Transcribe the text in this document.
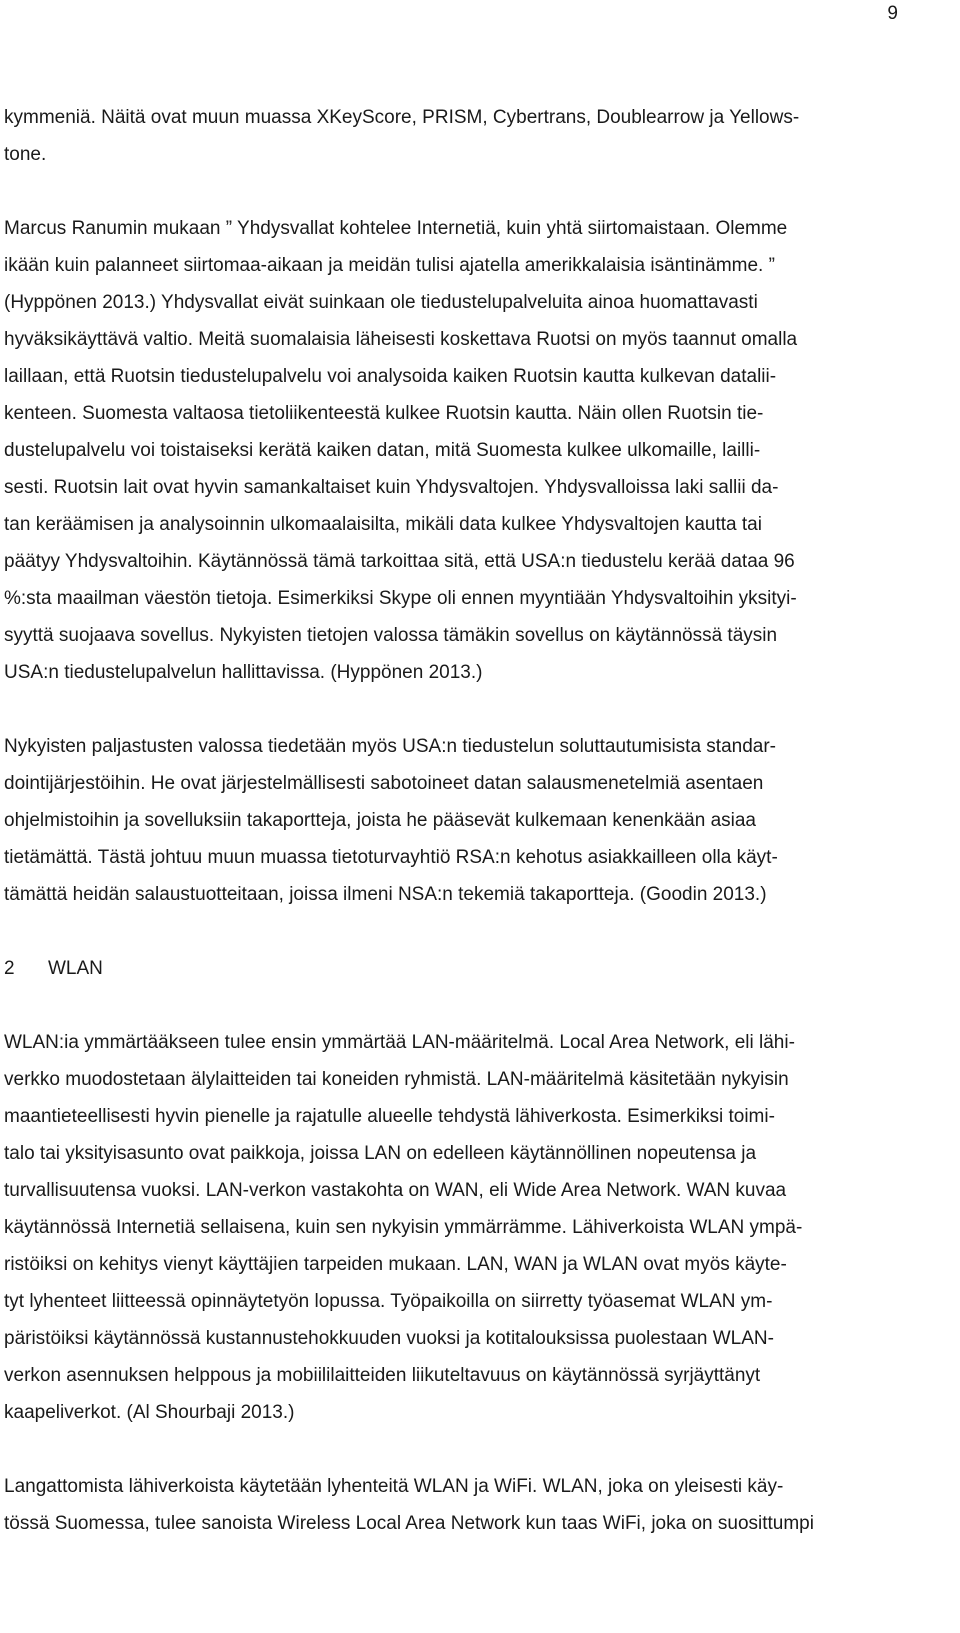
9
kymmeniä. Näitä ovat muun muassa XKeyScore, PRISM, Cybertrans, Doublearrow ja Yellows-
tone.
Marcus Ranumin mukaan ” Yhdysvallat kohtelee Internetiä, kuin yhtä siirtomaistaan. Olemme
ikään kuin palanneet siirtomaa-aikaan ja meidän tulisi ajatella amerikkalaisia isäntinämme. ”
(Hyppönen 2013.) Yhdysvallat eivät suinkaan ole tiedustelupalveluita ainoa huomattavasti
hyväksikäyttävä valtio. Meitä suomalaisia läheisesti koskettava Ruotsi on myös taannut omalla
laillaan, että Ruotsin tiedustelupalvelu voi analysoida kaiken Ruotsin kautta kulkevan datalii-
kenteen. Suomesta valtaosa tietoliikenteestä kulkee Ruotsin kautta. Näin ollen Ruotsin tie-
dustelupalvelu voi toistaiseksi kerätä kaiken datan, mitä Suomesta kulkee ulkomaille, lailli-
sesti. Ruotsin lait ovat hyvin samankaltaiset kuin Yhdysvaltojen. Yhdysvalloissa laki sallii da-
tan keräämisen ja analysoinnin ulkomaalaisilta, mikäli data kulkee Yhdysvaltojen kautta tai
päätyy Yhdysvaltoihin. Käytännössä tämä tarkoittaa sitä, että USA:n tiedustelu kerää dataa 96
%:sta maailman väestön tietoja. Esimerkiksi Skype oli ennen myyntiään Yhdysvaltoihin yksityi-
syyttä suojaava sovellus. Nykyisten tietojen valossa tämäkin sovellus on käytännössä täysin
USA:n tiedustelupalvelun hallittavissa. (Hyppönen 2013.)
Nykyisten paljastusten valossa tiedetään myös USA:n tiedustelun soluttautumisista standar-
dointijärjestöihin. He ovat järjestelmällisesti sabotoineet datan salausmenetelmiä asentaen
ohjelmistoihin ja sovelluksiin takaportteja, joista he pääsevät kulkemaan kenenkään asiaa
tietämättä. Tästä johtuu muun muassa tietoturvayhtiö RSA:n kehotus asiakkailleen olla käyt-
tämättä heidän salaustuotteitaan, joissa ilmeni NSA:n tekemiä takaportteja. (Goodin 2013.)
2 WLAN
WLAN:ia ymmärtääkseen tulee ensin ymmärtää LAN-määritelmä. Local Area Network, eli lähi-
verkko muodostetaan älylaitteiden tai koneiden ryhmistä. LAN-määritelmä käsitetään nykyisin
maantieteellisesti hyvin pienelle ja rajatulle alueelle tehdystä lähiverkosta. Esimerkiksi toimi-
talo tai yksityisasunto ovat paikkoja, joissa LAN on edelleen käytännöllinen nopeutensa ja
turvallisuutensa vuoksi. LAN-verkon vastakohta on WAN, eli Wide Area Network. WAN kuvaa
käytännössä Internetiä sellaisena, kuin sen nykyisin ymmärrämme. Lähiverkoista WLAN ympä-
ristöiksi on kehitys vienyt käyttäjien tarpeiden mukaan. LAN, WAN ja WLAN ovat myös käyte-
tyt lyhenteet liitteessä opinnäytetyön lopussa. Työpaikoilla on siirretty työasemat WLAN ym-
päristöiksi käytännössä kustannustehokkuuden vuoksi ja kotitalouksissa puolestaan WLAN-
verkon asennuksen helppous ja mobiililaitteiden liikuteltavuus on käytännössä syrjäyttänyt
kaapeliverkot. (Al Shourbaji 2013.)
Langattomista lähiverkoista käytetään lyhenteitä WLAN ja WiFi. WLAN, joka on yleisesti käy-
tössä Suomessa, tulee sanoista Wireless Local Area Network kun taas WiFi, joka on suosittumpi
